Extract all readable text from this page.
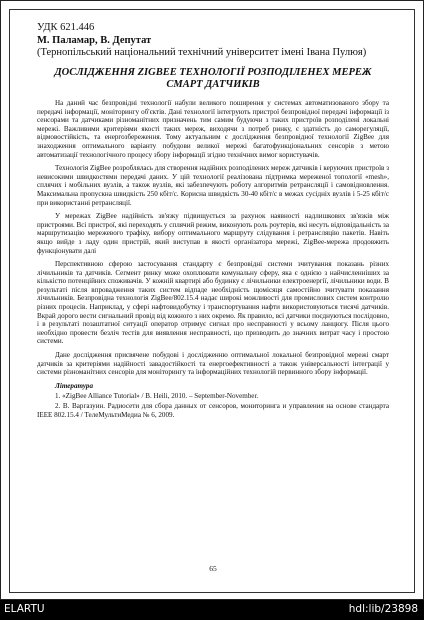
УДК 621.446
М. Паламар, В. Депутат
(Тернопільський національний технічний університет імені Івана Пулюя)
ДОСЛІДЖЕННЯ ZIGBEE ТЕХНОЛОГІЇ РОЗПОДІЛЕНЕХ МЕРЕЖ
СМАРТ ДАТЧИКІВ

На даний час безпровідні технології набули великого поширення у системах автоматизованого збору та передачі інформації, моніторингу об'єктів. Дані технології інтегрують пристрої безпровідної передачі інформації із сенсорами та датчиками різноманітних призначень тим самим будуючи з таких пристроїв розподілені локальні мережі. Важливими критеріями якості таких мереж, виходячи з потреб ринку, є здатність до саморегуляції, відмовостійкість, та енергозбереження. Тому актуальним є дослідження безпровідної технології ZigBee для знаходження оптимального варіанту побудови великої мережі багатофункціональних сенсорів з метою автоматизації технологічного процесу збору інформації згідно технічних вимог користувачів.

Технологія ZigBee розроблялась для створення надійних розподілених мереж датчиків і керуючих пристроїв з невисокими швидкостями передачі даних. У цій технології реалізована підтримка мереженої топології «mesh», сплячих і мобільних вузлів, а також вузлів, які забезпечують роботу алгоритмів ретрансляції і самовідновлення. Максимальна пропускна швидкість 250 кбіт/с. Корисна швидкість 30-40 кбіт/с в межах сусідніх вузлів і 5-25 кбіт/с при використанні ретрансляції.

У мережах ZigBee надійність зв'язку підвищується за рахунок наявності надлишкових зв'язків між пристроями. Всі пристрої, які переходять у сплячий режим, виконують роль роутерів, які несуть відповідальність за маршрутизацію мережевого трафіку, вибору оптимального маршруту слідування і ретрансляцію пакетів. Навіть якщо вийде з ладу один пристрій, який виступав в якості організатора мережі, ZigBee-мережа продовжить функціонувати далі

Перспективною сферою застосування стандарту є безпровідні системи зчитування показань різних лічильників та датчиків. Сегмент ринку може охоплювати комунальну сферу, яка є однією з найчисленніших за кількістю потенційних споживачів. У кожній квартирі або будинку є лічильники електроенергії, лічильники води. В результаті після впровадження таких систем відпаде необхідність щомісяця самостійно зчитувати показання лічильників. Безпровідна технологія ZigBee/802.15.4 надає широкі можливості для промислових систем контролю різних процесів. Наприклад, у сфері нафтовидобутку і транспортування нафти використовуються тисячі датчиків. Вкрай дорого вести сигнальний провід від кожного з них окремо. Як правило, всі датчики поєднуються послідовно, і в результаті позаштатної ситуації оператор отримує сигнал про несправності у всьому ланцюгу. Після цього необхідно провести безліч тестів для виявлення несправності, що призводить до значних витрат часу і простою системи.

Дане дослідження присвячене побудові і дослідженню оптимальної локальної безпровідної мережі смарт датчиків за критеріями надійності завадостійкості та енергоефективності а також універсальності інтеграції у системи різноманітних сенсорів для моніторингу та інформаційних технологій первинного збору інформації.

Література
1. «ZigBee Alliance Tutorial» / В. Heili, 2010. – September-November.
2. В. Варгазуин. Радиосети для сбора данных от сенсоров, мониторинга и управления на основе стандарта IEEE 802.15.4 / ТелеМультиМедиа № 6, 2009.
65
ELARTU	hdl:lib/23898
